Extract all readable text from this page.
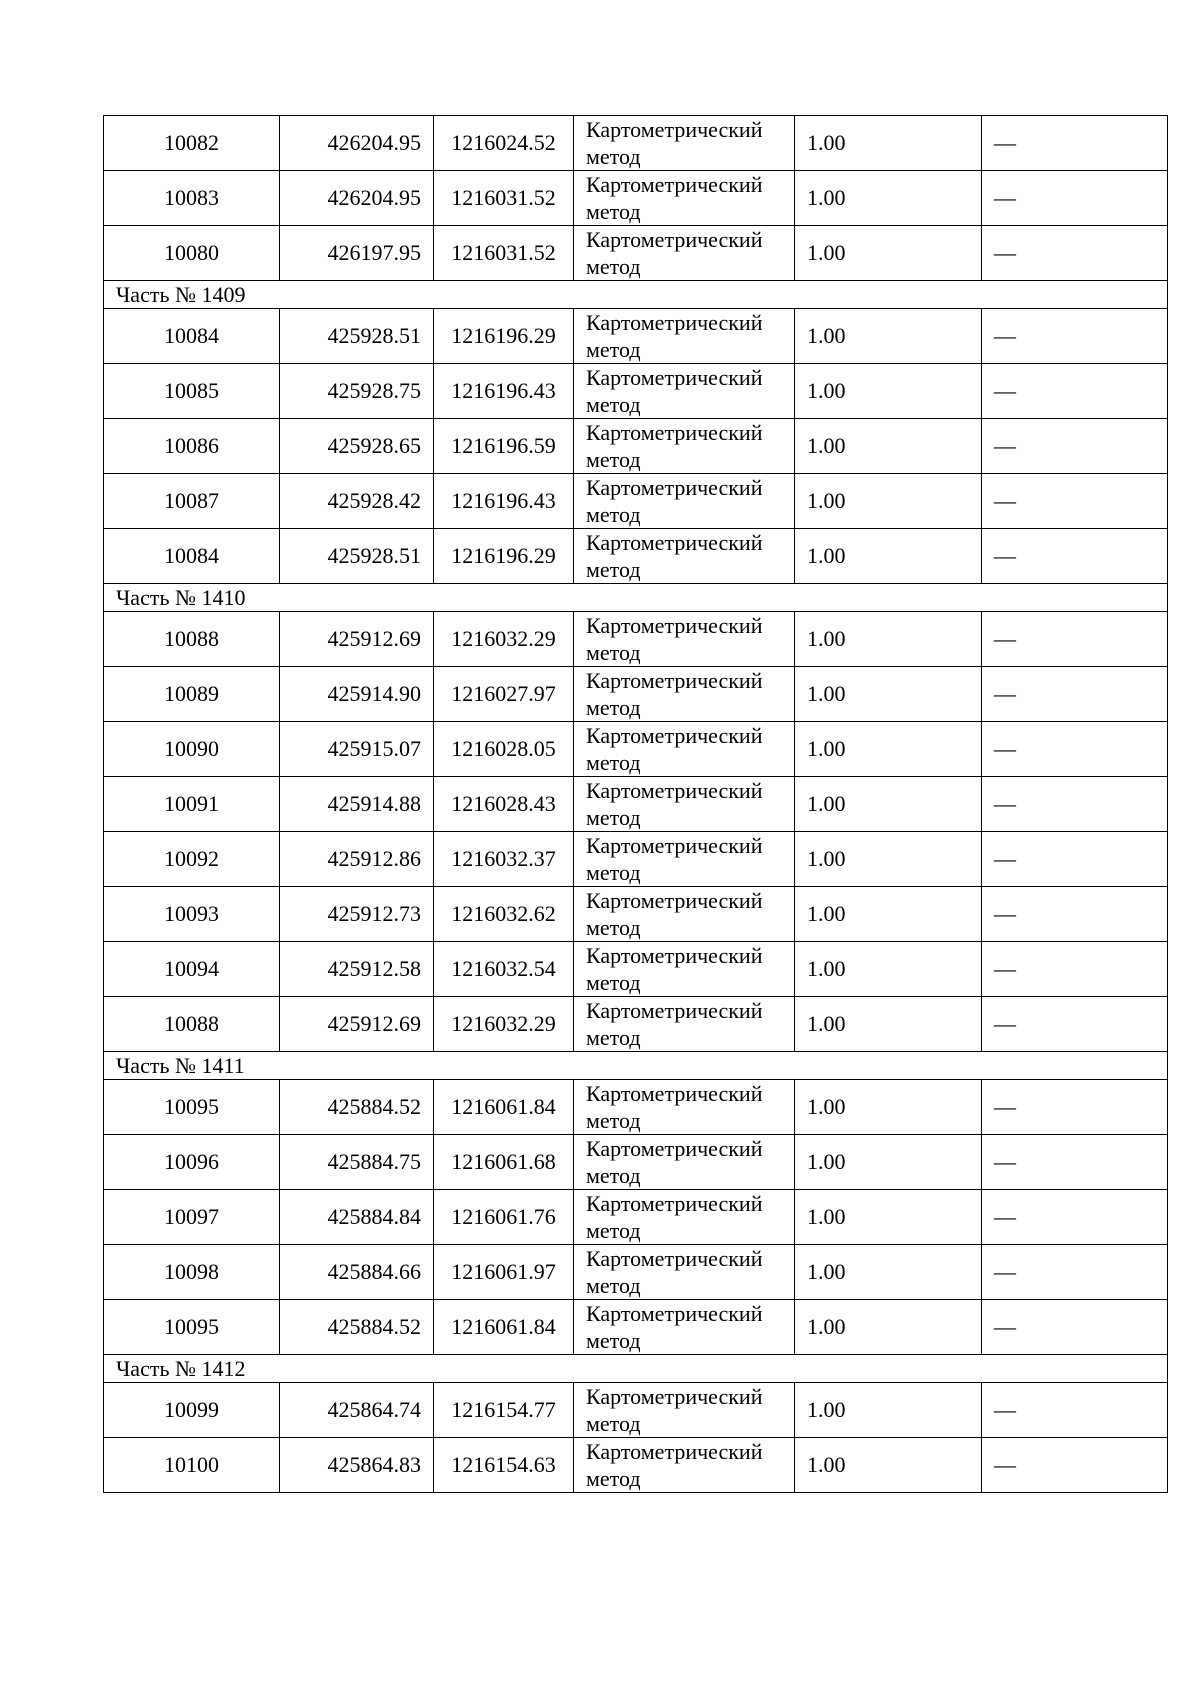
10082	426204.95	1216024.52	Картометрический
метод	1.00	—
10083	426204.95	1216031.52	Картометрический
метод	1.00	—
10080	426197.95	1216031.52	Картометрический
метод	1.00	—
Часть № 1409					
10084	425928.51	1216196.29	Картометрический
метод	1.00	—
10085	425928.75	1216196.43	Картометрический
метод	1.00	—
10086	425928.65	1216196.59	Картометрический
метод	1.00	—
10087	425928.42	1216196.43	Картометрический
метод	1.00	—
10084	425928.51	1216196.29	Картометрический
метод	1.00	—
Часть № 1410					
10088	425912.69	1216032.29	Картометрический
метод	1.00	—
10089	425914.90	1216027.97	Картометрический
метод	1.00	—
10090	425915.07	1216028.05	Картометрический
метод	1.00	—
10091	425914.88	1216028.43	Картометрический
метод	1.00	—
10092	425912.86	1216032.37	Картометрический
метод	1.00	—
10093	425912.73	1216032.62	Картометрический
метод	1.00	—
10094	425912.58	1216032.54	Картометрический
метод	1.00	—
10088	425912.69	1216032.29	Картометрический
метод	1.00	—
Часть № 1411					
10095	425884.52	1216061.84	Картометрический
метод	1.00	—
10096	425884.75	1216061.68	Картометрический
метод	1.00	—
10097	425884.84	1216061.76	Картометрический
метод	1.00	—
10098	425884.66	1216061.97	Картометрический
метод	1.00	—
10095	425884.52	1216061.84	Картометрический
метод	1.00	—
Часть № 1412					
10099	425864.74	1216154.77	Картометрический
метод	1.00	—
10100	425864.83	1216154.63	Картометрический
метод	1.00	—
